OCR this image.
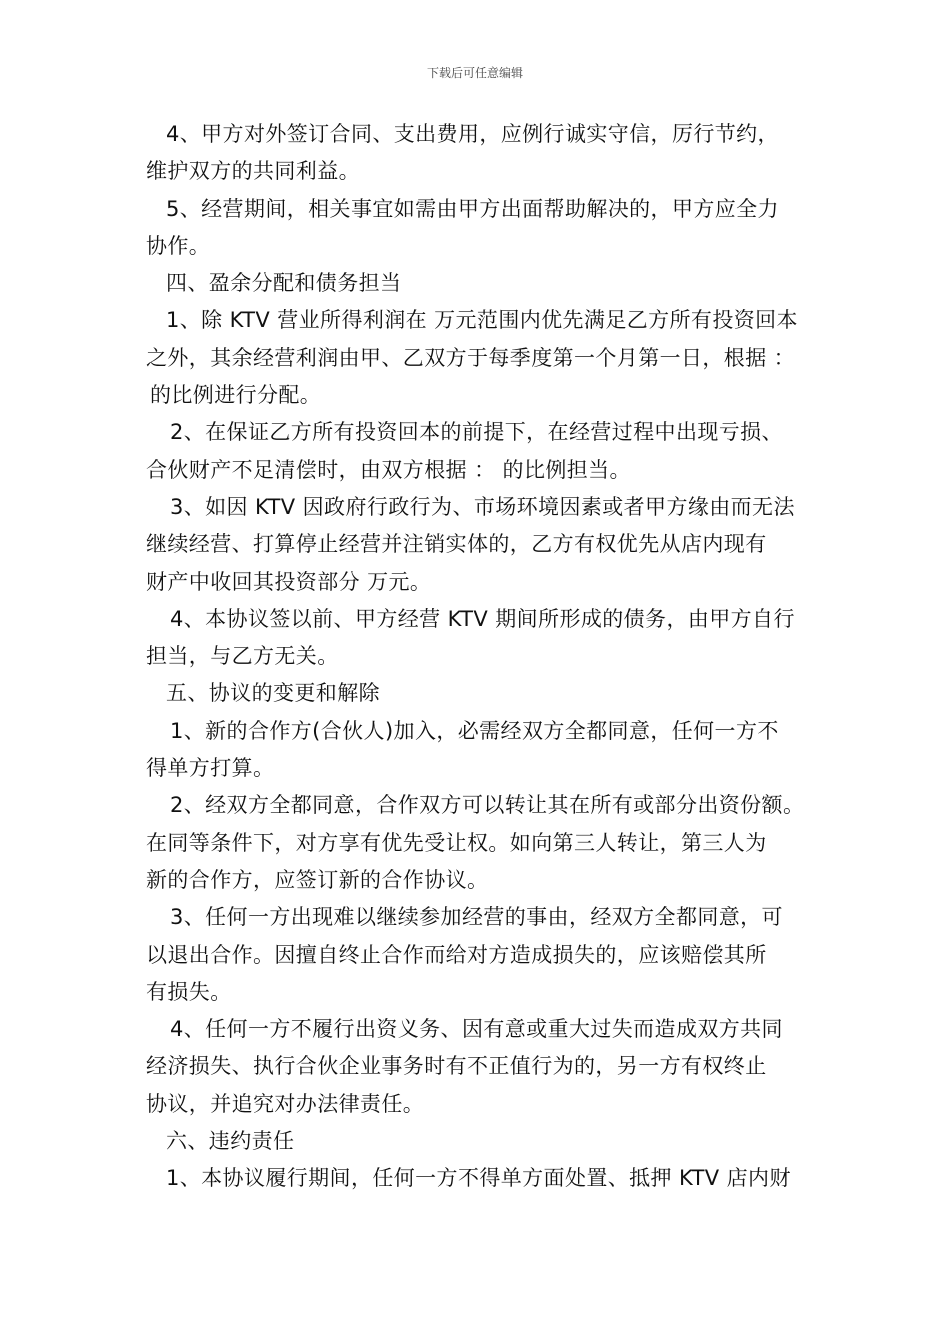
下载后可任意编辑
4、甲方对外签订合同、支出费用，应例行诚实守信，厉行节约，
维护双方的共同利益。
5、经营期间，相关事宜如需由甲方出面帮助解决的，甲方应全力
协作。
四、盈余分配和债务担当
1、除 KTV 营业所得利润在 万元范围内优先满足乙方所有投资回本
之外，其余经营利润由甲、乙双方于每季度第一个月第一日，根据 ：
的比例进行分配。
2、在保证乙方所有投资回本的前提下，在经营过程中出现亏损、
合伙财产不足清偿时，由双方根据 ： 的比例担当。
3、如因 KTV 因政府行政行为、市场环境因素或者甲方缘由而无法
继续经营、打算停止经营并注销实体的，乙方有权优先从店内现有
财产中收回其投资部分 万元。
4、本协议签以前、甲方经营 KTV 期间所形成的债务，由甲方自行
担当，与乙方无关。
五、协议的变更和解除
1、新的合作方(合伙人)加入，必需经双方全都同意，任何一方不
得单方打算。
2、经双方全都同意，合作双方可以转让其在所有或部分出资份额。
在同等条件下，对方享有优先受让权。如向第三人转让，第三人为
新的合作方，应签订新的合作协议。
3、任何一方出现难以继续参加经营的事由，经双方全都同意，可
以退出合作。因擅自终止合作而给对方造成损失的，应该赔偿其所
有损失。
4、任何一方不履行出资义务、因有意或重大过失而造成双方共同
经济损失、执行合伙企业事务时有不正值行为的，另一方有权终止
协议，并追究对办法律责任。
六、违约责任
1、本协议履行期间，任何一方不得单方面处置、抵押 KTV 店内财
